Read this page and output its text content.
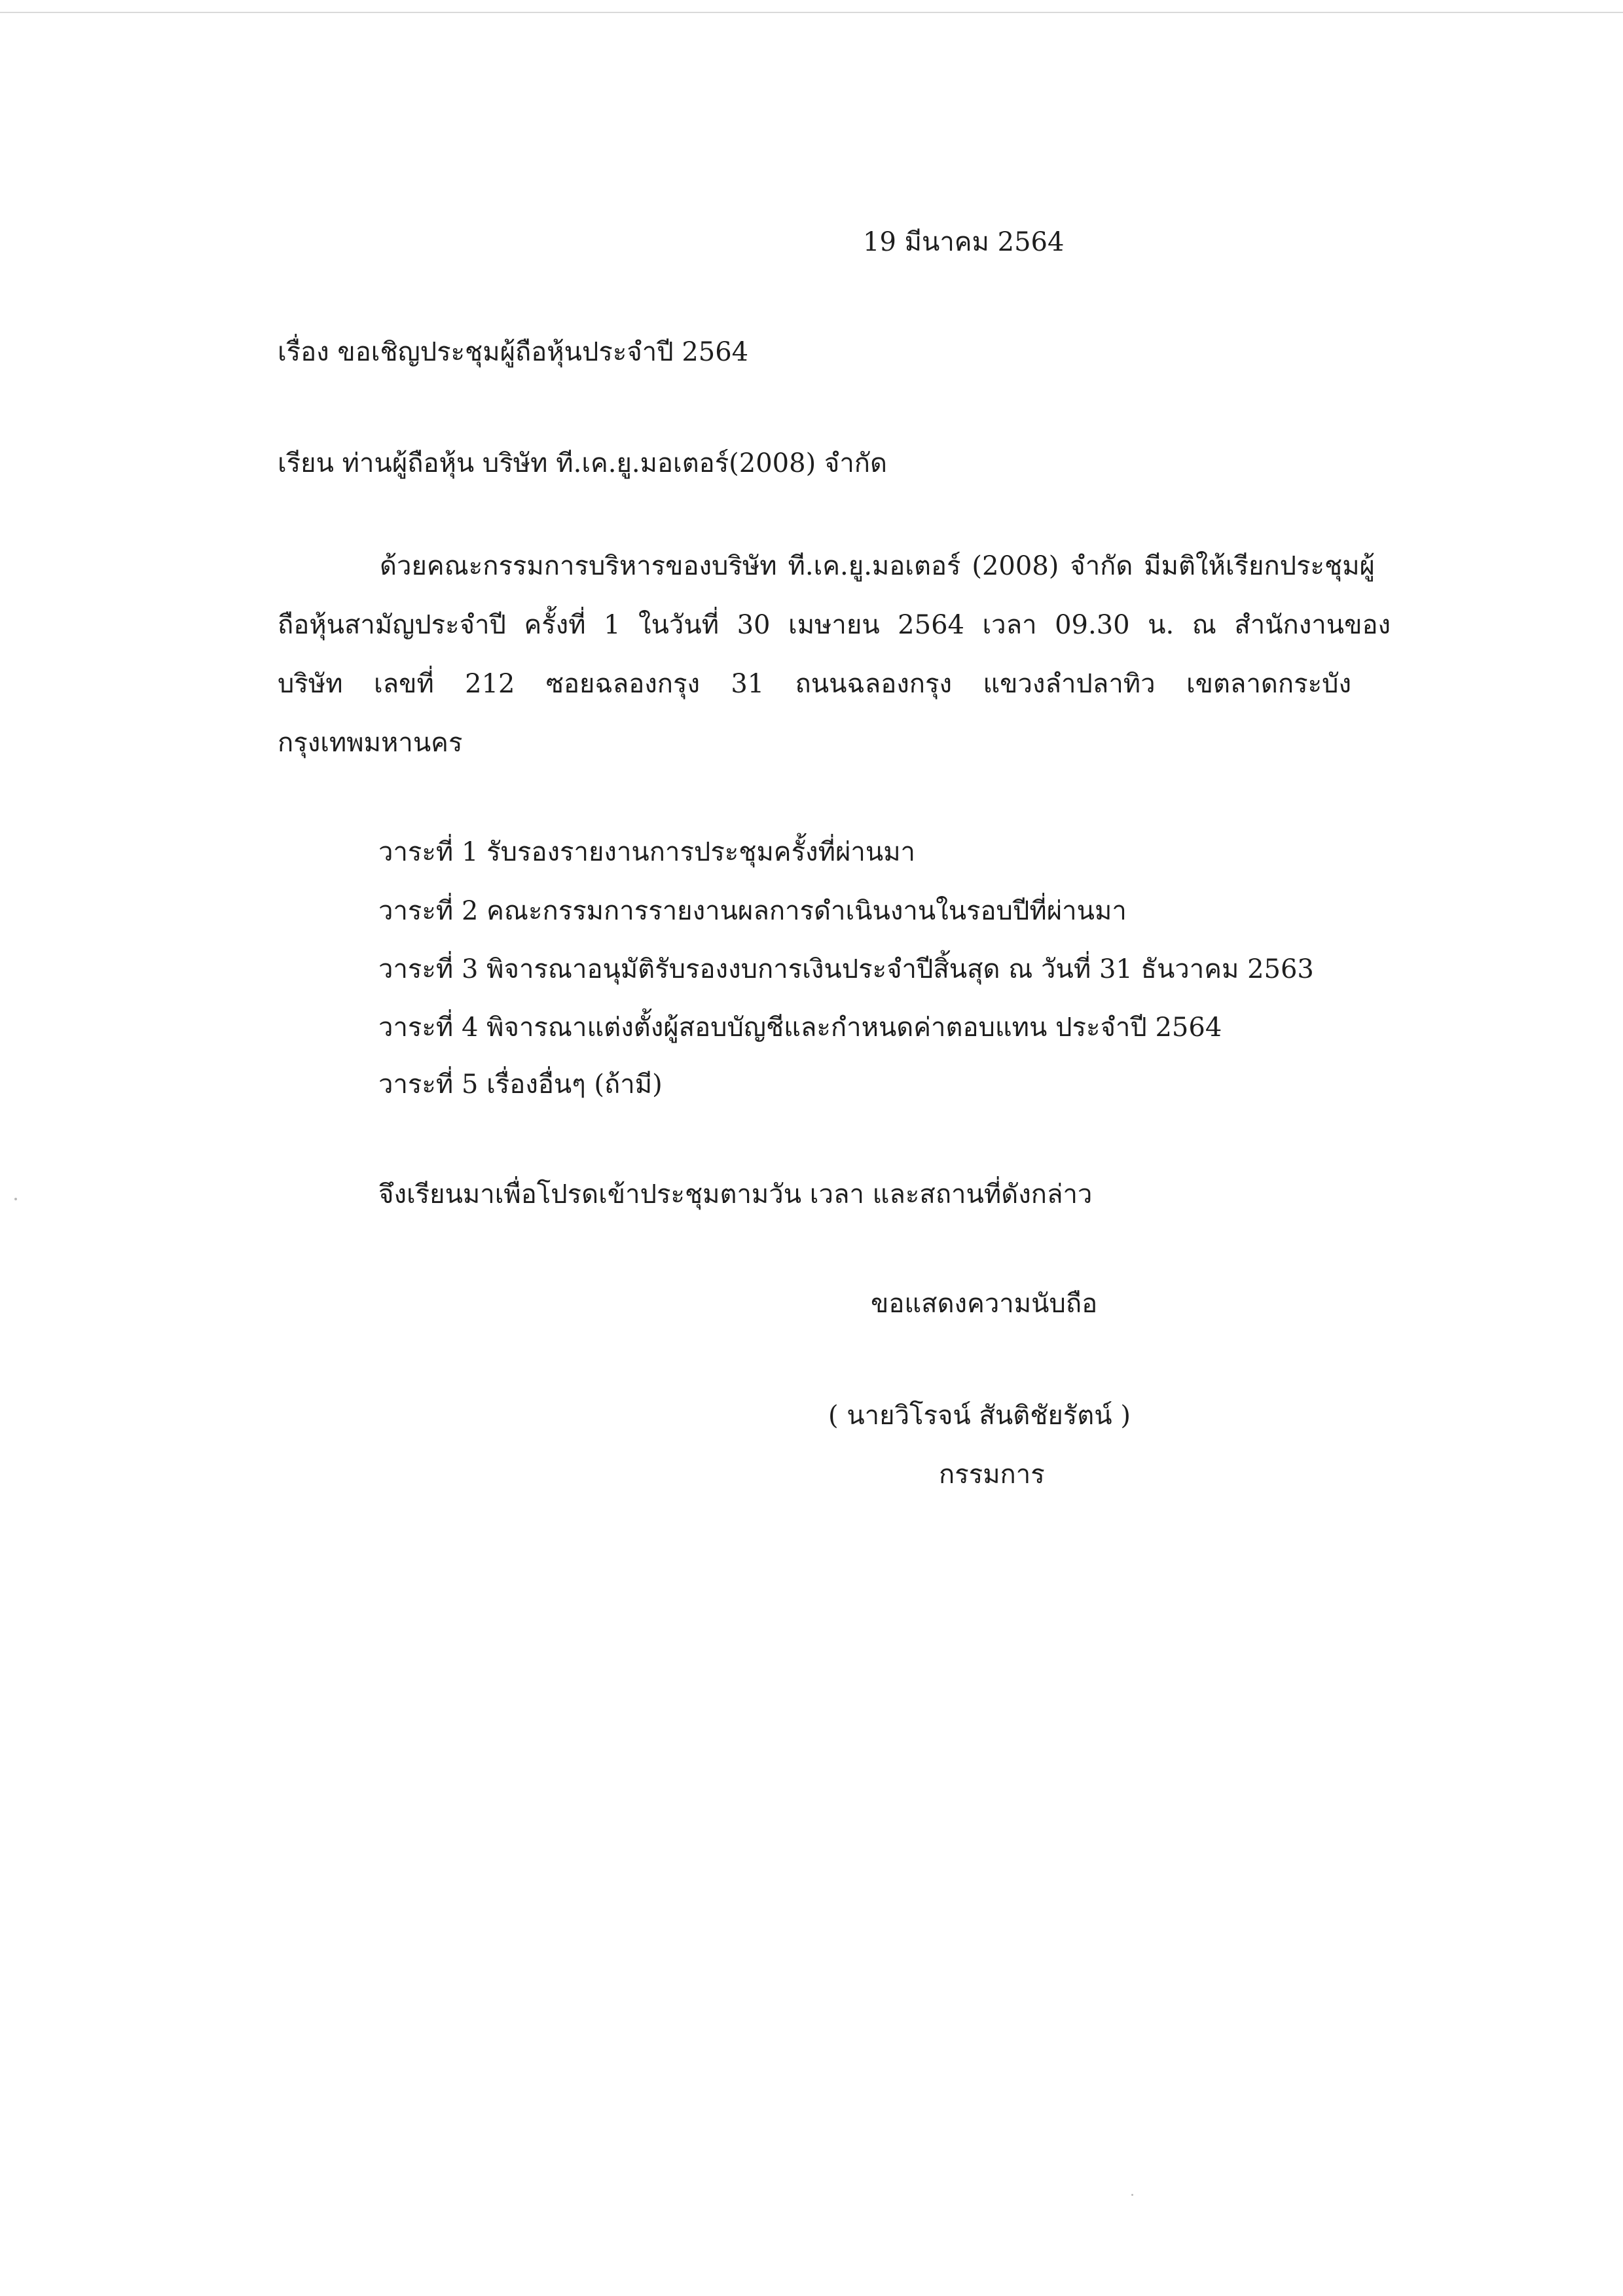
19 มีนาคม 2564
เรื่อง ขอเชิญประชุมผู้ถือหุ้นประจำปี 2564
เรียน ท่านผู้ถือหุ้น บริษัท ที.เค.ยู.มอเตอร์(2008) จำกัด
ด้วยคณะกรรมการบริหารของบริษัท ที.เค.ยู.มอเตอร์ (2008) จำกัด มีมติให้เรียกประชุมผู้
ถือหุ้นสามัญประจำปี ครั้งที่ 1 ในวันที่ 30 เมษายน 2564 เวลา 09.30 น. ณ สำนักงานของ
บริษัท เลขที่ 212 ซอยฉลองกรุง 31 ถนนฉลองกรุง แขวงลำปลาทิว เขตลาดกระบัง
กรุงเทพมหานคร
วาระที่ 1 รับรองรายงานการประชุมครั้งที่ผ่านมา
วาระที่ 2 คณะกรรมการรายงานผลการดำเนินงานในรอบปีที่ผ่านมา
วาระที่ 3 พิจารณาอนุมัติรับรองงบการเงินประจำปีสิ้นสุด ณ วันที่ 31 ธันวาคม 2563
วาระที่ 4 พิจารณาแต่งตั้งผู้สอบบัญชีและกำหนดค่าตอบแทน ประจำปี 2564
วาระที่ 5 เรื่องอื่นๆ (ถ้ามี)
จึงเรียนมาเพื่อโปรดเข้าประชุมตามวัน เวลา และสถานที่ดังกล่าว
ขอแสดงความนับถือ
( นายวิโรจน์ สันติชัยรัตน์ )
กรรมการ
